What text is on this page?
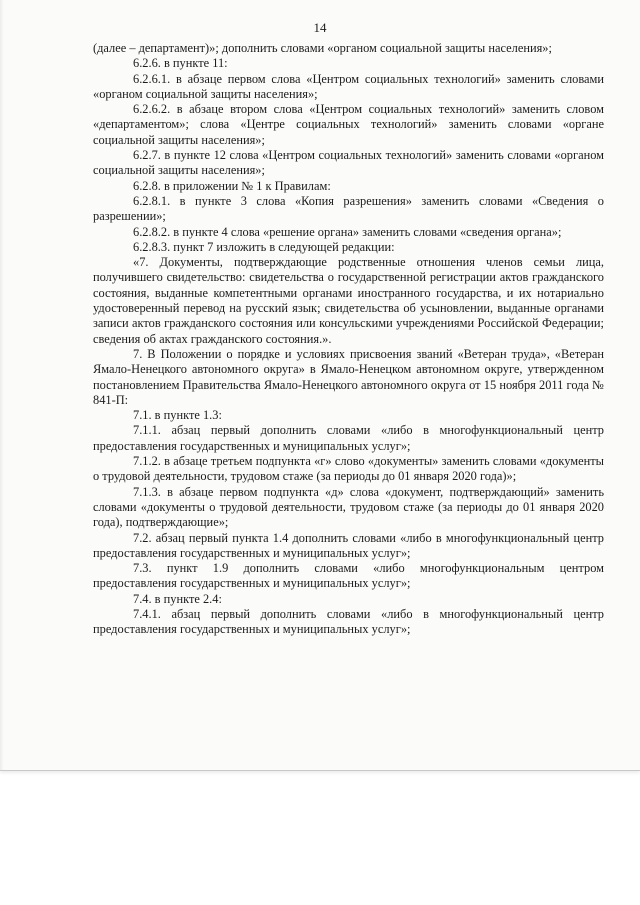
14

(далее – департамент)»; дополнить словами «органом социальной защиты населения»;

6.2.6. в пункте 11:

6.2.6.1. в абзаце первом слова «Центром социальных технологий» заменить словами «органом социальной защиты населения»;

6.2.6.2. в абзаце втором слова «Центром социальных технологий» заменить словом «департаментом»; слова «Центре социальных технологий» заменить словами «органе социальной защиты населения»;

6.2.7. в пункте 12 слова «Центром социальных технологий» заменить словами «органом социальной защиты населения»;

6.2.8. в приложении № 1 к Правилам:

6.2.8.1. в пункте 3 слова «Копия разрешения» заменить словами «Сведения о разрешении»;

6.2.8.2. в пункте 4 слова «решение органа» заменить словами «сведения органа»;

6.2.8.3. пункт 7 изложить в следующей редакции:

«7. Документы, подтверждающие родственные отношения членов семьи лица, получившего свидетельство: свидетельства о государственной регистрации актов гражданского состояния, выданные компетентными органами иностранного государства, и их нотариально удостоверенный перевод на русский язык; свидетельства об усыновлении, выданные органами записи актов гражданского состояния или консульскими учреждениями Российской Федерации; сведения об актах гражданского состояния.».

7. В Положении о порядке и условиях присвоения званий «Ветеран труда», «Ветеран Ямало-Ненецкого автономного округа» в Ямало-Ненецком автономном округе, утвержденном постановлением Правительства Ямало-Ненецкого автономного округа от 15 ноября 2011 года № 841-П:

7.1. в пункте 1.3:

7.1.1. абзац первый дополнить словами «либо в многофункциональный центр предоставления государственных и муниципальных услуг»;

7.1.2. в абзаце третьем подпункта «г» слово «документы» заменить словами «документы о трудовой деятельности, трудовом стаже (за периоды до 01 января 2020 года)»;

7.1.3. в абзаце первом подпункта «д» слова «документ, подтверждающий» заменить словами «документы о трудовой деятельности, трудовом стаже (за периоды до 01 января 2020 года), подтверждающие»;

7.2. абзац первый пункта 1.4 дополнить словами «либо в многофункциональный центр предоставления государственных и муниципальных услуг»;

7.3. пункт 1.9 дополнить словами «либо многофункциональным центром предоставления государственных и муниципальных услуг»;

7.4. в пункте 2.4:

7.4.1. абзац первый дополнить словами «либо в многофункциональный центр предоставления государственных и муниципальных услуг»;
